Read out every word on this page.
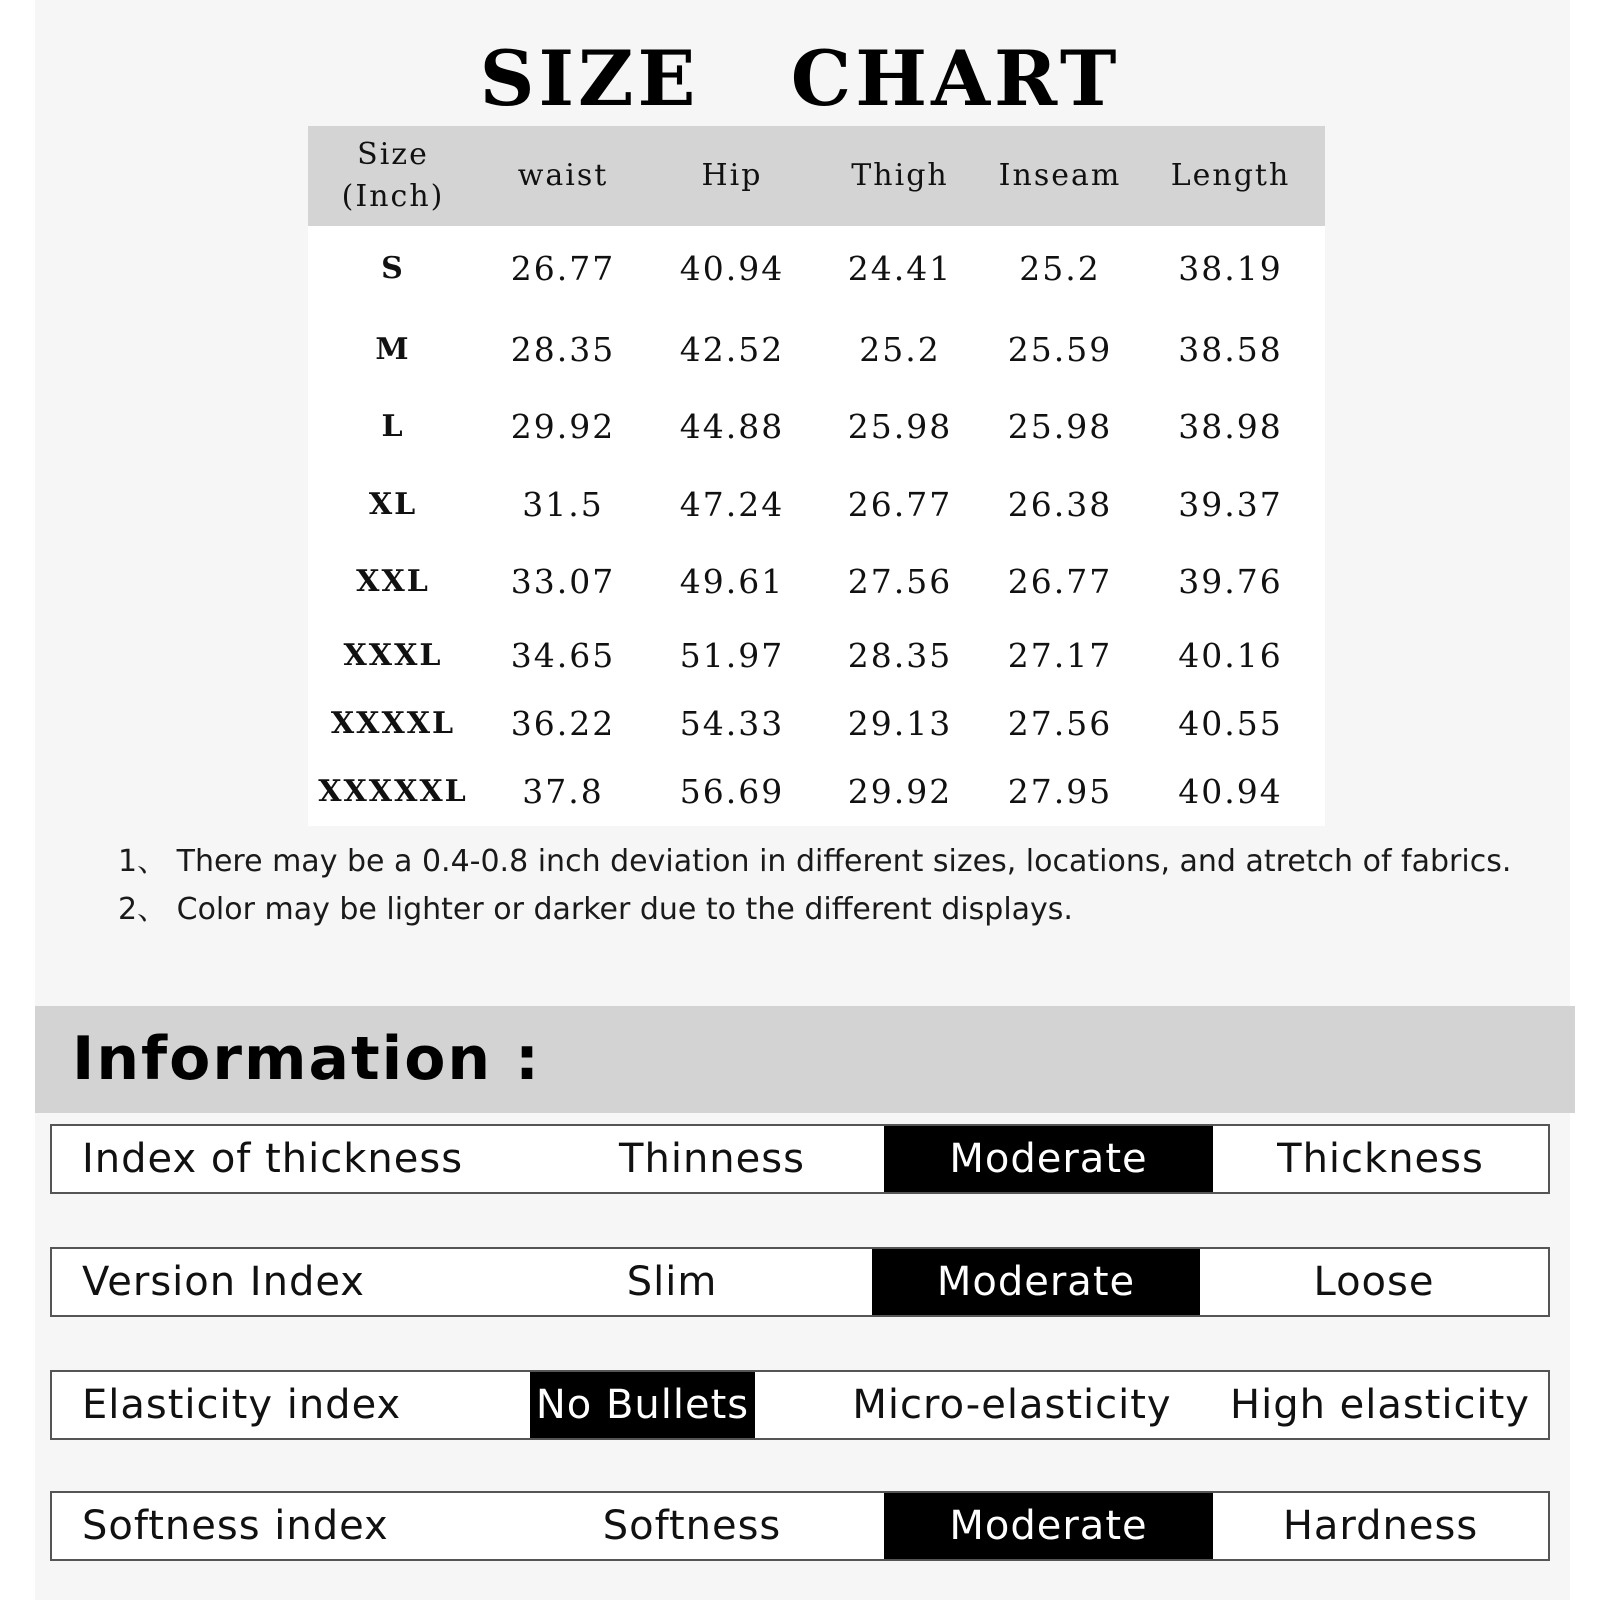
SIZE   CHART
Size
(Inch)	waist	Hip	Thigh	Inseam	Length
S	26.77	40.94	24.41	25.2	38.19
M	28.35	42.52	25.2	25.59	38.58
L	29.92	44.88	25.98	25.98	38.98
XL	31.5	47.24	26.77	26.38	39.37
XXL	33.07	49.61	27.56	26.77	39.76
XXXL	34.65	51.97	28.35	27.17	40.16
XXXXL	36.22	54.33	29.13	27.56	40.55
XXXXXL	37.8	56.69	29.92	27.95	40.94
1、 There may be a 0.4-0.8 inch deviation in different sizes, locations, and atretch of fabrics.
2、 Color may be lighter or darker due to the different displays.
Information :
Index of thickness	Thinness	Moderate	Thickness
Version Index	Slim	Moderate	Loose
Elasticity index	No Bullets	Micro-elasticity	High elasticity
Softness index	Softness	Moderate	Hardness
